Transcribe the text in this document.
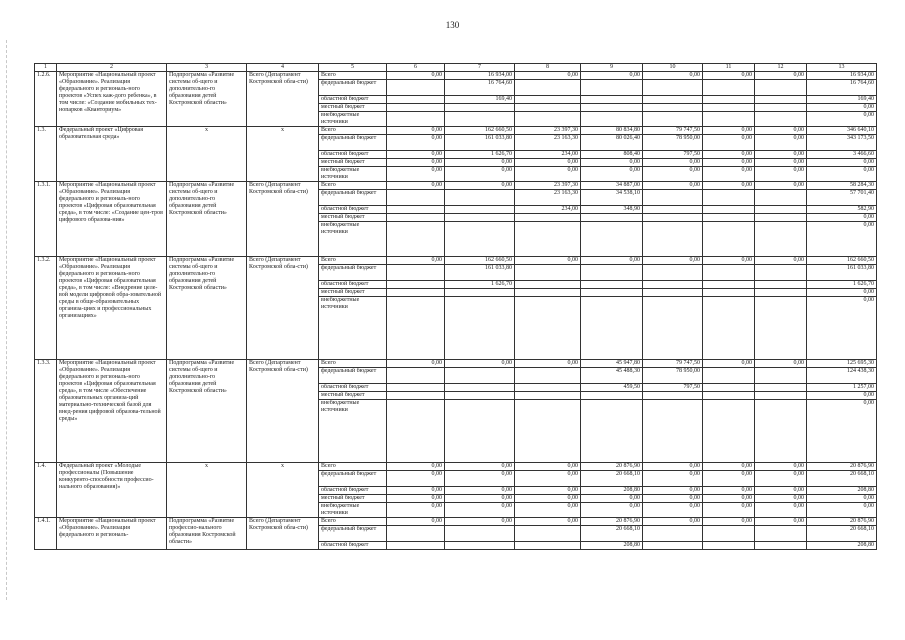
130
1	2	3	4	5	6	7	8	9	10	11	12	13
1.2.6.	Мероприятие «Национальный проект «Образование». Реализация федерального и региональ-ного проектов «Успех каж-дого ребенка», в том числе: «Создание мобильных тех-нопарков «Кванториум»	Подпрограмма «Развитие системы об-щего и дополнительно-го образования детей Костромской области»	Всего (Департамент Костромской обла-сти)	Всего	0,00	16 934,00	0,00	0,00	0,00	0,00	0,00	16 934,00
				федеральный бюджет		16 764,60						16 764,60
				областной бюджет		169,40						169,40
				местный бюджет								0,00
				внебюджетные источники								0,00
1.3.	Федеральный проект «Цифровая образовательная среда»	х	х	Всего	0,00	162 660,50	23 397,30	80 834,80	79 747,50	0,00	0,00	346 640,10
				федеральный бюджет	0,00	161 033,80	23 163,30	80 026,40	78 950,00	0,00	0,00	343 173,50
				областной бюджет	0,00	1 626,70	234,00	808,40	797,50	0,00	0,00	3 466,60
				местный бюджет	0,00	0,00	0,00	0,00	0,00	0,00	0,00	0,00
				внебюджетные источники	0,00	0,00	0,00	0,00	0,00	0,00	0,00	0,00
1.3.1.	Мероприятие «Национальный проект «Образование». Реализация федерального и региональ-ного проектов «Цифровая образовательная среда», в том числе: «Создание цен-тров цифрового образова-ния»	Подпрограмма «Развитие системы об-щего и дополнительно-го образования детей Костромской области»	Всего (Департамент Костромской обла-сти)	Всего	0,00	0,00	23 397,30	34 887,00	0,00	0,00	0,00	58 284,30
				федеральный бюджет			23 163,30	34 538,10				57 701,40
				областной бюджет			234,00	348,90				582,90
				местный бюджет								0,00
				внебюджетные источники								0,00
1.3.2.	Мероприятие «Национальный проект «Образование». Реализация федерального и региональ-ного проектов «Цифровая образовательная среда», в том числе: «Внедрение целе-вой модели цифровой обра-зовательной среды в обще-образовательных организа-циях и профессиональных организациях»	Подпрограмма «Развитие системы об-щего и дополнительно-го образования детей Костромской области»	Всего (Департамент Костромской обла-сти)	Всего	0,00	162 660,50	0,00	0,00	0,00	0,00	0,00	162 660,50
				федеральный бюджет		161 033,80						161 033,80
				областной бюджет		1 626,70						1 626,70
				местный бюджет								0,00
				внебюджетные источники								0,00
1.3.3.	Мероприятие «Национальный проект «Образование». Реализация федерального и региональ-ного проектов «Цифровая образовательная среда», в том числе «Обеспечение образовательных организа-ций материально-технической базой для внед-рения цифровой образова-тельной среды»	Подпрограмма «Развитие системы об-щего и дополнительно-го образования детей Костромской области»	Всего (Департамент Костромской обла-сти)	Всего	0,00	0,00	0,00	45 947,80	79 747,50	0,00	0,00	125 695,30
				федеральный бюджет				45 488,30	78 950,00			124 438,30
				областной бюджет				459,50	797,50			1 257,00
				местный бюджет								0,00
				внебюджетные источники								0,00
1.4.	Федеральный проект «Молодые профессионалы (Повышение конкуренто-способности профессио-нального образования)»	х	х	Всего	0,00	0,00	0,00	20 876,90	0,00	0,00	0,00	20 876,90
				федеральный бюджет	0,00	0,00	0,00	20 668,10	0,00	0,00	0,00	20 668,10
				областной бюджет	0,00	0,00	0,00	208,80	0,00	0,00	0,00	208,80
				местный бюджет	0,00	0,00	0,00	0,00	0,00	0,00	0,00	0,00
				внебюджетные источники	0,00	0,00	0,00	0,00	0,00	0,00	0,00	0,00
1.4.1.	Мероприятие «Национальный проект «Образование». Реализация федерального и региональ-	Подпрограмма «Развитие профессио-нального образования Костромской области»	Всего (Департамент Костромской обла-сти)	Всего	0,00	0,00	0,00	20 876,90	0,00	0,00	0,00	20 876,90
				федеральный бюджет				20 668,10				20 668,10
				областной бюджет				208,80				208,80
